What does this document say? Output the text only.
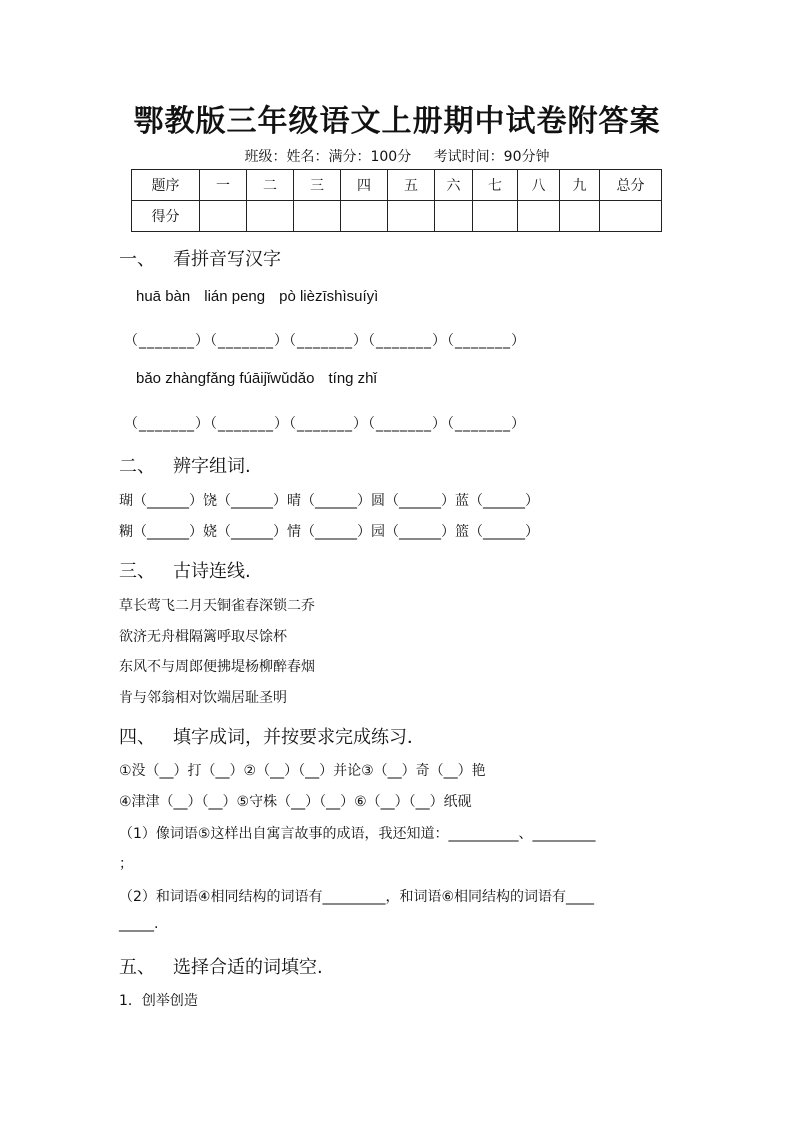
鄂教版三年级语文上册期中试卷附答案
班级：姓名：满分：100分 考试时间：90分钟
题序	一	二	三	四	五	六	七	八	九	总分
得分										
一、 看拼音写汉字
huā bàn lián peng pò lièzīshìsuíyì
（_______）（_______）（_______）（_______）（_______）
bǎo zhàngfǎng fúāijǐwǔdǎo tíng zhǐ
（_______）（_______）（_______）（_______）（_______）
二、 辨字组词.
瑚（______）饶（______）晴（______）圆（______）蓝（______）
糊（______）娆（______）情（______）园（______）篮（______）
三、 古诗连线.
草长莺飞二月天铜雀春深锁二乔
欲济无舟楫隔篱呼取尽馀杯
东风不与周郎便拂堤杨柳醉春烟
肯与邻翁相对饮端居耻圣明
四、 填字成词，并按要求完成练习．
①没（__）打（__）②（__）（__）并论③（__）奇（__）艳
④津津（__）（__）⑤守株（__）（__）⑥（__）（__）纸砚
（1）像词语⑤这样出自寓言故事的成语，我还知道：__________、_________
；
（2）和词语④相同结构的词语有_________，和词语⑥相同结构的词语有____
_____.
五、 选择合适的词填空.
1．创举创造
